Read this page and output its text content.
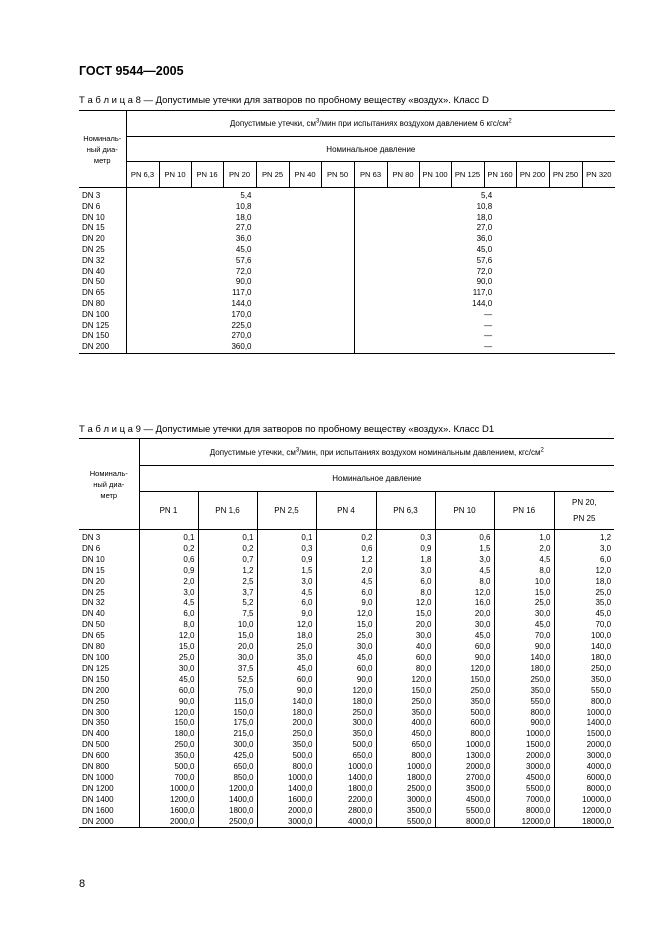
ГОСТ 9544—2005
Т а б л и ц а 8 — Допустимые утечки для затворов по пробному веществу «воздух». Класс D
Номиналь-
ный диа-
метр	Допустимые утечки, $см^3$/мин при испытаниях воздухом давлением 6 кгс/$см^2$
	Номинальное давление														
	PN 6,3	PN 10	PN 16	PN 20	PN 25	PN 40	PN 50	PN 63	PN 80	PN 100	PN 125	PN 160	PN 200	PN 250	PN 320
DN 3	5,4							5,4							
DN 6	10,8							10,8							
DN 10	18,0							18,0							
DN 15	27,0							27,0							
DN 20	36,0							36,0							
DN 25	45,0							45,0							
DN 32	57,6							57,6							
DN 40	72,0							72,0							
DN 50	90,0							90,0							
DN 65	117,0							117,0							
DN 80	144,0							144,0							
DN 100	170,0							—							
DN 125	225,0							—							
DN 150	270,0							—							
DN 200	360,0							—							
Т а б л и ц а 9 — Допустимые утечки для затворов по пробному веществу «воздух». Класс D1
Номиналь-
ный диа-
метр	Допустимые утечки, $см^3$/мин, при испытаниях воздухом номинальным давлением, кгс/$см^2$
	Номинальное давление							
	PN 1	PN 1,6	PN 2,5	PN 4	PN 6,3	PN 10	PN 16	PN 20,
PN 25
DN 3	0,1	0,1	0,1	0,2	0,3	0,6	1,0	1,2
DN 6	0,2	0,2	0,3	0,6	0,9	1,5	2,0	3,0
DN 10	0,6	0,7	0,9	1,2	1,8	3,0	4,5	6,0
DN 15	0,9	1,2	1,5	2,0	3,0	4,5	8,0	12,0
DN 20	2,0	2,5	3,0	4,5	6,0	8,0	10,0	18,0
DN 25	3,0	3,7	4,5	6,0	8,0	12,0	15,0	25,0
DN 32	4,5	5,2	6,0	9,0	12,0	16,0	25,0	35,0
DN 40	6,0	7,5	9,0	12,0	15,0	20,0	30,0	45,0
DN 50	8,0	10,0	12,0	15,0	20,0	30,0	45,0	70,0
DN 65	12,0	15,0	18,0	25,0	30,0	45,0	70,0	100,0
DN 80	15,0	20,0	25,0	30,0	40,0	60,0	90,0	140,0
DN 100	25,0	30,0	35,0	45,0	60,0	90,0	140,0	180,0
DN 125	30,0	37,5	45,0	60,0	80,0	120,0	180,0	250,0
DN 150	45,0	52,5	60,0	90,0	120,0	150,0	250,0	350,0
DN 200	60,0	75,0	90,0	120,0	150,0	250,0	350,0	550,0
DN 250	90,0	115,0	140,0	180,0	250,0	350,0	550,0	800,0
DN 300	120,0	150,0	180,0	250,0	350,0	500,0	800,0	1000,0
DN 350	150,0	175,0	200,0	300,0	400,0	600,0	900,0	1400,0
DN 400	180,0	215,0	250,0	350,0	450,0	800,0	1000,0	1500,0
DN 500	250,0	300,0	350,0	500,0	650,0	1000,0	1500,0	2000,0
DN 600	350,0	425,0	500,0	650,0	800,0	1300,0	2000,0	3000,0
DN 800	500,0	650,0	800,0	1000,0	1000,0	2000,0	3000,0	4000,0
DN 1000	700,0	850,0	1000,0	1400,0	1800,0	2700,0	4500,0	6000,0
DN 1200	1000,0	1200,0	1400,0	1800,0	2500,0	3500,0	5500,0	8000,0
DN 1400	1200,0	1400,0	1600,0	2200,0	3000,0	4500,0	7000,0	10000,0
DN 1600	1600,0	1800,0	2000,0	2800,0	3500,0	5500,0	8000,0	12000,0
DN 2000	2000,0	2500,0	3000,0	4000,0	5500,0	8000,0	12000,0	18000,0
8
